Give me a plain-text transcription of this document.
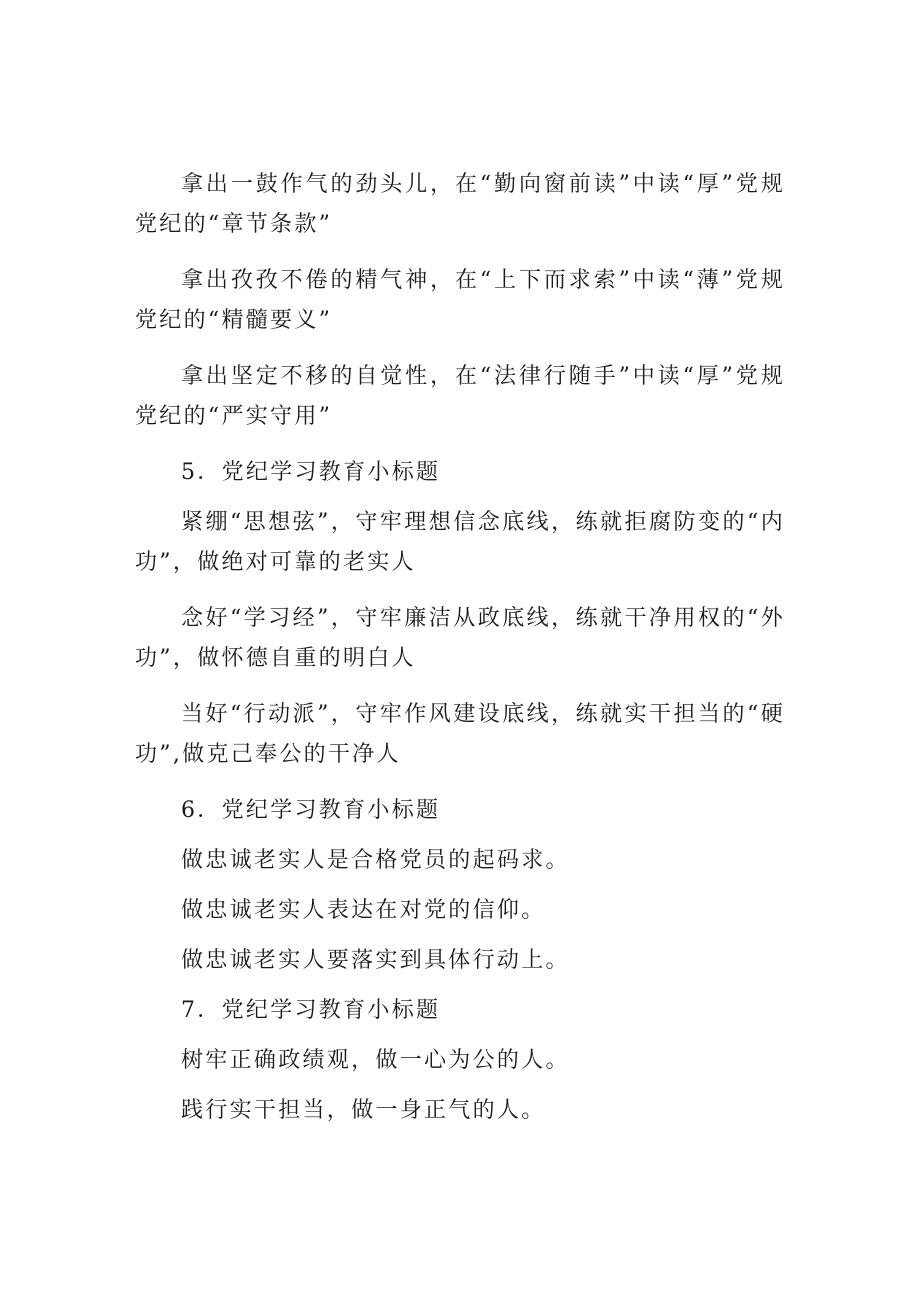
拿出一鼓作气的劲头儿，在“勤向窗前读”中读“厚”党规党纪的“章节条款”

拿出孜孜不倦的精气神，在“上下而求索”中读“薄”党规党纪的“精髓要义”

拿出坚定不移的自觉性，在“法律行随手”中读“厚”党规党纪的“严实守用”

5．党纪学习教育小标题

紧绷“思想弦”，守牢理想信念底线，练就拒腐防变的“内功”，做绝对可靠的老实人

念好“学习经”，守牢廉洁从政底线，练就干净用权的“外功”，做怀德自重的明白人

当好“行动派”，守牢作风建设底线，练就实干担当的“硬功”,做克己奉公的干净人

6．党纪学习教育小标题

做忠诚老实人是合格党员的起码求。

做忠诚老实人表达在对党的信仰。

做忠诚老实人要落实到具体行动上。

7．党纪学习教育小标题

树牢正确政绩观，做一心为公的人。

践行实干担当，做一身正气的人。
